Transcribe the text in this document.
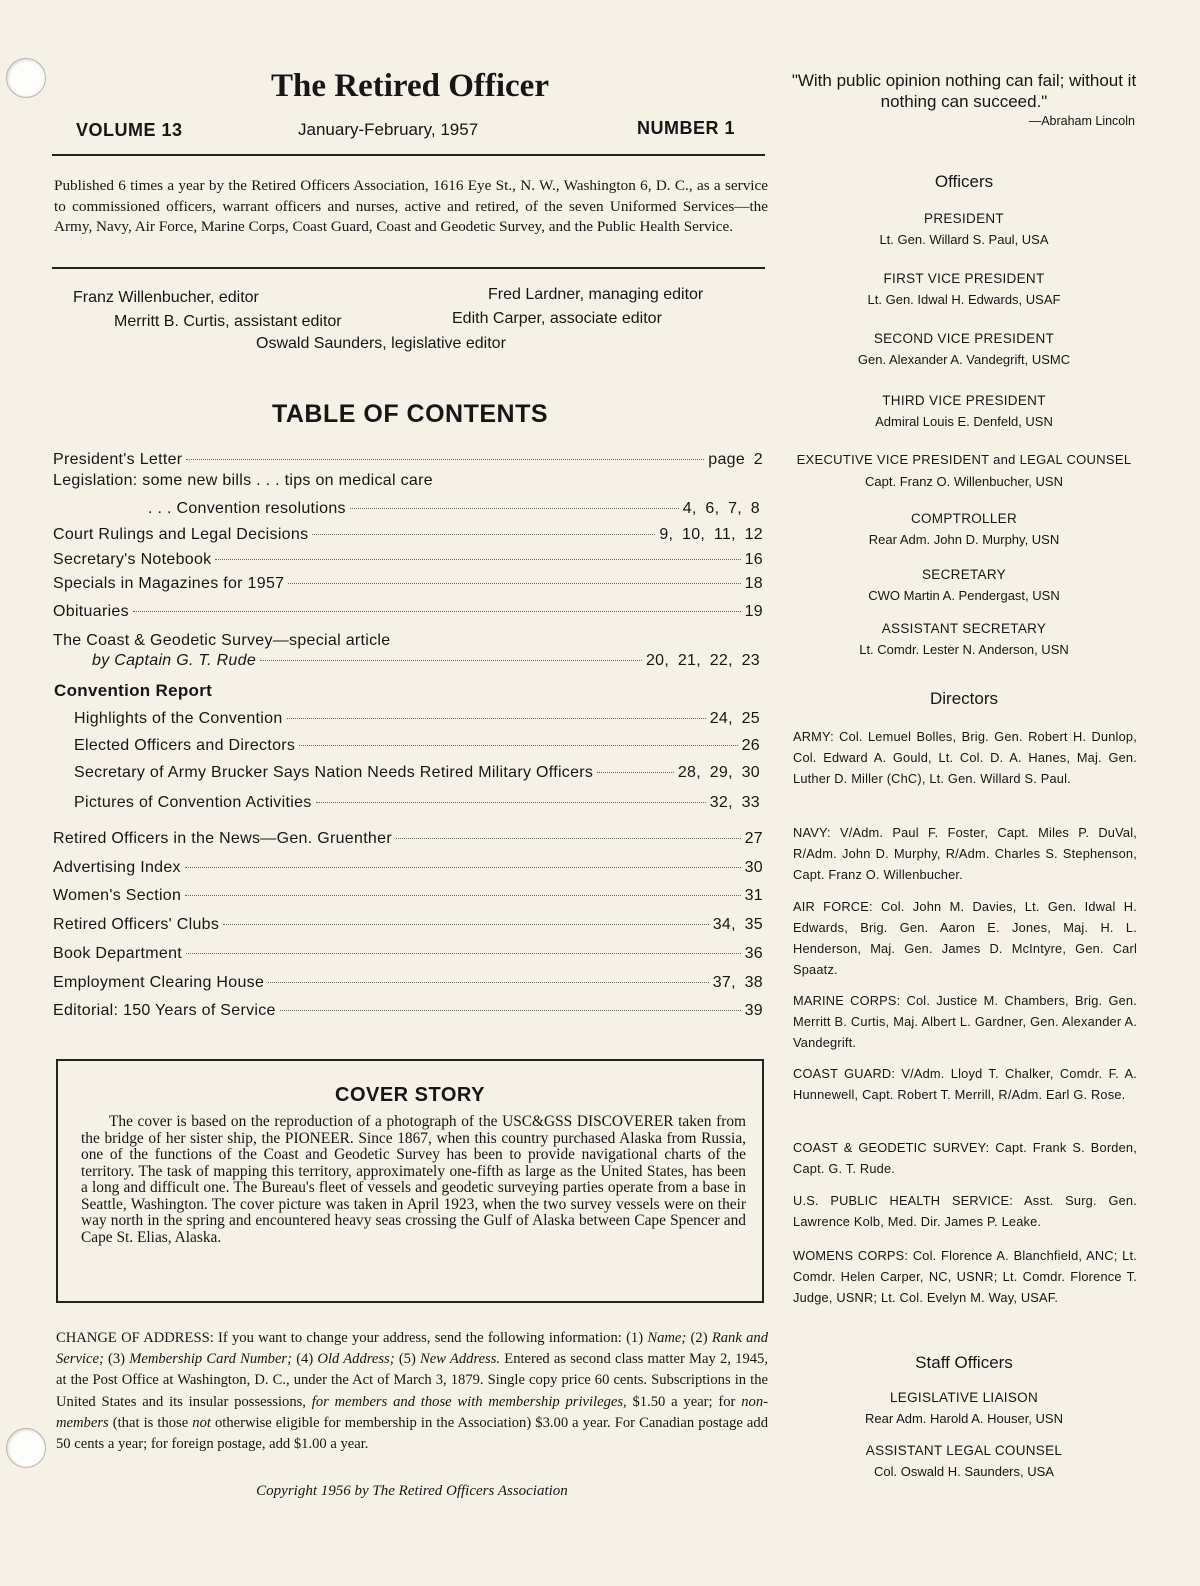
The Retired Officer
VOLUME 13	January-February, 1957	NUMBER 1
Published 6 times a year by the Retired Officers Association, 1616 Eye St., N. W., Washington 6, D. C., as a service to commissioned officers, warrant officers and nurses, active and retired, of the seven Uniformed Services—the Army, Navy, Air Force, Marine Corps, Coast Guard, Coast and Geodetic Survey, and the Public Health Service.
Franz Willenbucher, editor	Fred Lardner, managing editor
Merritt B. Curtis, assistant editor	Edith Carper, associate editor
Oswald Saunders, legislative editor
TABLE OF CONTENTS
President's Letter	page 2
Legislation: some new bills . . . tips on medical care
. . . Convention resolutions	4, 6, 7, 8
Court Rulings and Legal Decisions	9, 10, 11, 12
Secretary's Notebook	16
Specials in Magazines for 1957	18
Obituaries	19
The Coast & Geodetic Survey—special article
by Captain G. T. Rude	20, 21, 22, 23
Convention Report
Highlights of the Convention	24, 25
Elected Officers and Directors	26
Secretary of Army Brucker Says Nation Needs Retired Military Officers	28, 29, 30
Pictures of Convention Activities	32, 33
Retired Officers in the News—Gen. Gruenther	27
Advertising Index	30
Women's Section	31
Retired Officers' Clubs	34, 35
Book Department	36
Employment Clearing House	37, 38
Editorial: 150 Years of Service	39
COVER STORY
The cover is based on the reproduction of a photograph of the USC&GSS DISCOVERER taken from the bridge of her sister ship, the PIONEER. Since 1867, when this country purchased Alaska from Russia, one of the functions of the Coast and Geodetic Survey has been to provide navigational charts of the territory. The task of mapping this territory, approximately one-fifth as large as the United States, has been a long and difficult one. The Bureau's fleet of vessels and geodetic surveying parties operate from a base in Seattle, Washington. The cover picture was taken in April 1923, when the two survey vessels were on their way north in the spring and encountered heavy seas crossing the Gulf of Alaska between Cape Spencer and Cape St. Elias, Alaska.
CHANGE OF ADDRESS: If you want to change your address, send the following information: (1) Name; (2) Rank and Service; (3) Membership Card Number; (4) Old Address; (5) New Address. Entered as second class matter May 2, 1945, at the Post Office at Washington, D. C., under the Act of March 3, 1879. Single copy price 60 cents. Subscriptions in the United States and its insular possessions, for members and those with membership privileges, $1.50 a year; for non-members (that is those not otherwise eligible for membership in the Association) $3.00 a year. For Canadian postage add 50 cents a year; for foreign postage, add $1.00 a year.
Copyright 1956 by The Retired Officers Association
"With public opinion nothing can fail; without it nothing can succeed."
—Abraham Lincoln
Officers
PRESIDENT
Lt. Gen. Willard S. Paul, USA
FIRST VICE PRESIDENT
Lt. Gen. Idwal H. Edwards, USAF
SECOND VICE PRESIDENT
Gen. Alexander A. Vandegrift, USMC
THIRD VICE PRESIDENT
Admiral Louis E. Denfeld, USN
EXECUTIVE VICE PRESIDENT and LEGAL COUNSEL
Capt. Franz O. Willenbucher, USN
COMPTROLLER
Rear Adm. John D. Murphy, USN
SECRETARY
CWO Martin A. Pendergast, USN
ASSISTANT SECRETARY
Lt. Comdr. Lester N. Anderson, USN
Directors
ARMY: Col. Lemuel Bolles, Brig. Gen. Robert H. Dunlop, Col. Edward A. Gould, Lt. Col. D. A. Hanes, Maj. Gen. Luther D. Miller (ChC), Lt. Gen. Willard S. Paul.
NAVY: V/Adm. Paul F. Foster, Capt. Miles P. DuVal, R/Adm. John D. Murphy, R/Adm. Charles S. Stephenson, Capt. Franz O. Willenbucher.
AIR FORCE: Col. John M. Davies, Lt. Gen. Idwal H. Edwards, Brig. Gen. Aaron E. Jones, Maj. H. L. Henderson, Maj. Gen. James D. McIntyre, Gen. Carl Spaatz.
MARINE CORPS: Col. Justice M. Chambers, Brig. Gen. Merritt B. Curtis, Maj. Albert L. Gardner, Gen. Alexander A. Vandegrift.
COAST GUARD: V/Adm. Lloyd T. Chalker, Comdr. F. A. Hunnewell, Capt. Robert T. Merrill, R/Adm. Earl G. Rose.
COAST & GEODETIC SURVEY: Capt. Frank S. Borden, Capt. G. T. Rude.
U.S. PUBLIC HEALTH SERVICE: Asst. Surg. Gen. Lawrence Kolb, Med. Dir. James P. Leake.
WOMENS CORPS: Col. Florence A. Blanchfield, ANC; Lt. Comdr. Helen Carper, NC, USNR; Lt. Comdr. Florence T. Judge, USNR; Lt. Col. Evelyn M. Way, USAF.
Staff Officers
LEGISLATIVE LIAISON
Rear Adm. Harold A. Houser, USN
ASSISTANT LEGAL COUNSEL
Col. Oswald H. Saunders, USA
